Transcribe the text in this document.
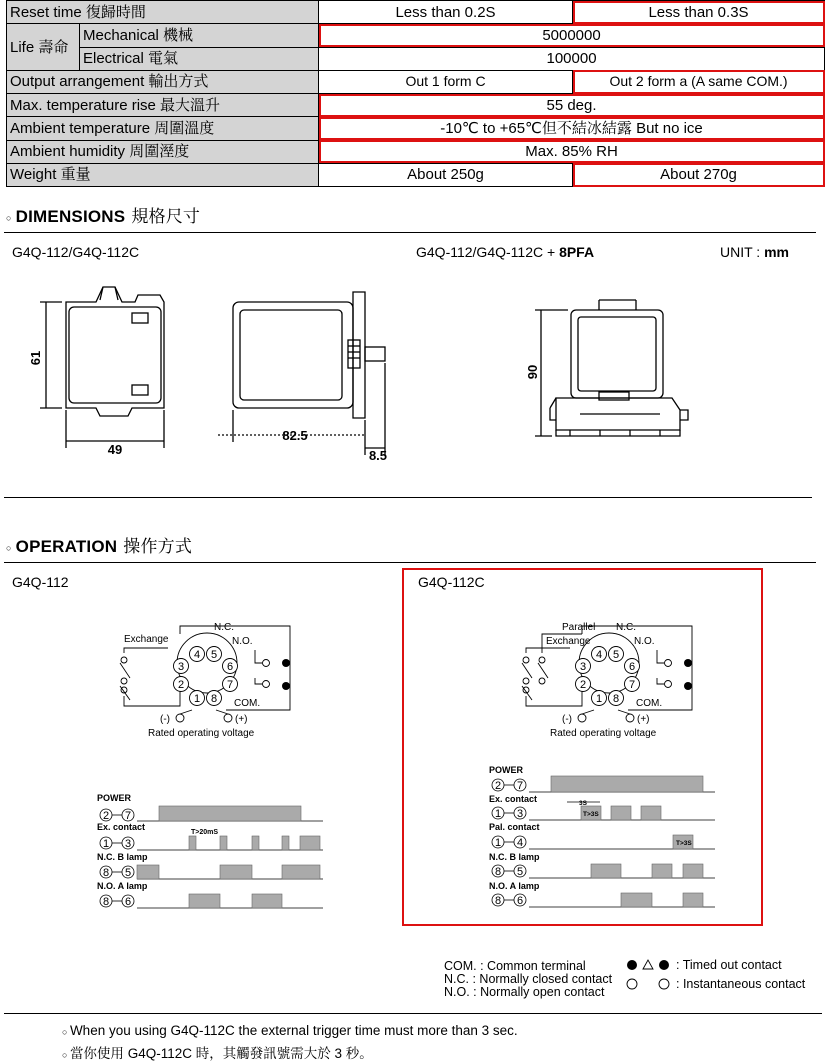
Reset time 復歸時間		Less than 0.2S	Less than 0.3S
Life 壽命	Mechanical 機械	5000000	
	Electrical 電氣	100000	
Output arrangement 輸出方式		Out 1 form C	Out 2 form a (A same COM.)
Max. temperature rise 最大溫升		55 deg.	
Ambient temperature 周圍溫度		-10℃ to +65℃但不結冰結露 But no ice	
Ambient humidity 周圍溼度		Max. 85% RH	
Weight 重量		About 250g	About 270g
○ DIMENSIONS 規格尺寸
G4Q-112/G4Q-112C	G4Q-112/G4Q-112C + 8PFA	UNIT : mm
61
49
82.5
8.5
90
○ OPERATION 操作方式
G4Q-112	G4Q-112C
4 5
3	6
2	7
1 8
N.C.
N.O.
Exchange
COM.
(-)	(+)
Rated operating voltage
4 5
3	6
2	7
1 8
Parallel N.C.
N.O.
Exchange
COM.
(-)	(+)
Rated operating voltage
POWER
Ex. contact
N.C. B lamp
N.O. A lamp
2 7
1 3
8 5
8 6
T>20mS
POWER
Ex. contact
Pal. contact
N.C. B lamp
N.O. A lamp
2 7
1 3
1 4
8 5
8 6
3S
T>3S
T>3S
COM. : Common terminal
N.C. : Normally closed contact
N.O. : Normally open contact
: Timed out contact
: Instantaneous contact
○ When you using G4Q-112C the external trigger time must more than 3 sec.
○ 當你使用 G4Q-112C 時，其觸發訊號需大於 3 秒。
